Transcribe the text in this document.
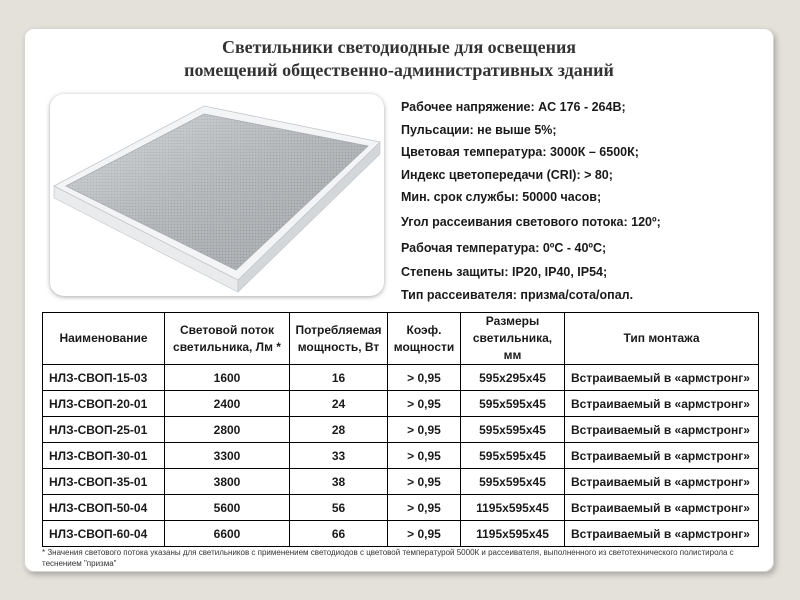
Светильники светодиодные для освещения
помещений общественно-административных зданий
Рабочее напряжение: AC 176 - 264В;
Пульсации: не выше 5%;
Цветовая температура: 3000К – 6500К;
Индекс цветопередачи (CRI): > 80;
Мин. срок службы: 50000 часов;
Угол рассеивания светового потока: 120º;
Рабочая температура: 0ºС - 40ºС;
Степень защиты: IP20, IP40, IP54;
Тип рассеивателя: призма/сота/опал.
Наименование	Световой поток светильника, Лм *	Потребляемая мощность, Вт	Коэф. мощности	Размеры светильника, мм	Тип монтажа
НЛЗ-СВОП-15-03	1600	16	> 0,95	595x295x45	Встраиваемый в «армстронг»
НЛЗ-СВОП-20-01	2400	24	> 0,95	595x595x45	Встраиваемый в «армстронг»
НЛЗ-СВОП-25-01	2800	28	> 0,95	595x595x45	Встраиваемый в «армстронг»
НЛЗ-СВОП-30-01	3300	33	> 0,95	595x595x45	Встраиваемый в «армстронг»
НЛЗ-СВОП-35-01	3800	38	> 0,95	595x595x45	Встраиваемый в «армстронг»
НЛЗ-СВОП-50-04	5600	56	> 0,95	1195x595x45	Встраиваемый в «армстронг»
НЛЗ-СВОП-60-04	6600	66	> 0,95	1195x595x45	Встраиваемый в «армстронг»
* Значения светового потока указаны для светильников с применением светодиодов с цветовой температурой 5000К и рассеивателя, выполненного из светотехнического полистирола с теснением "призма"
